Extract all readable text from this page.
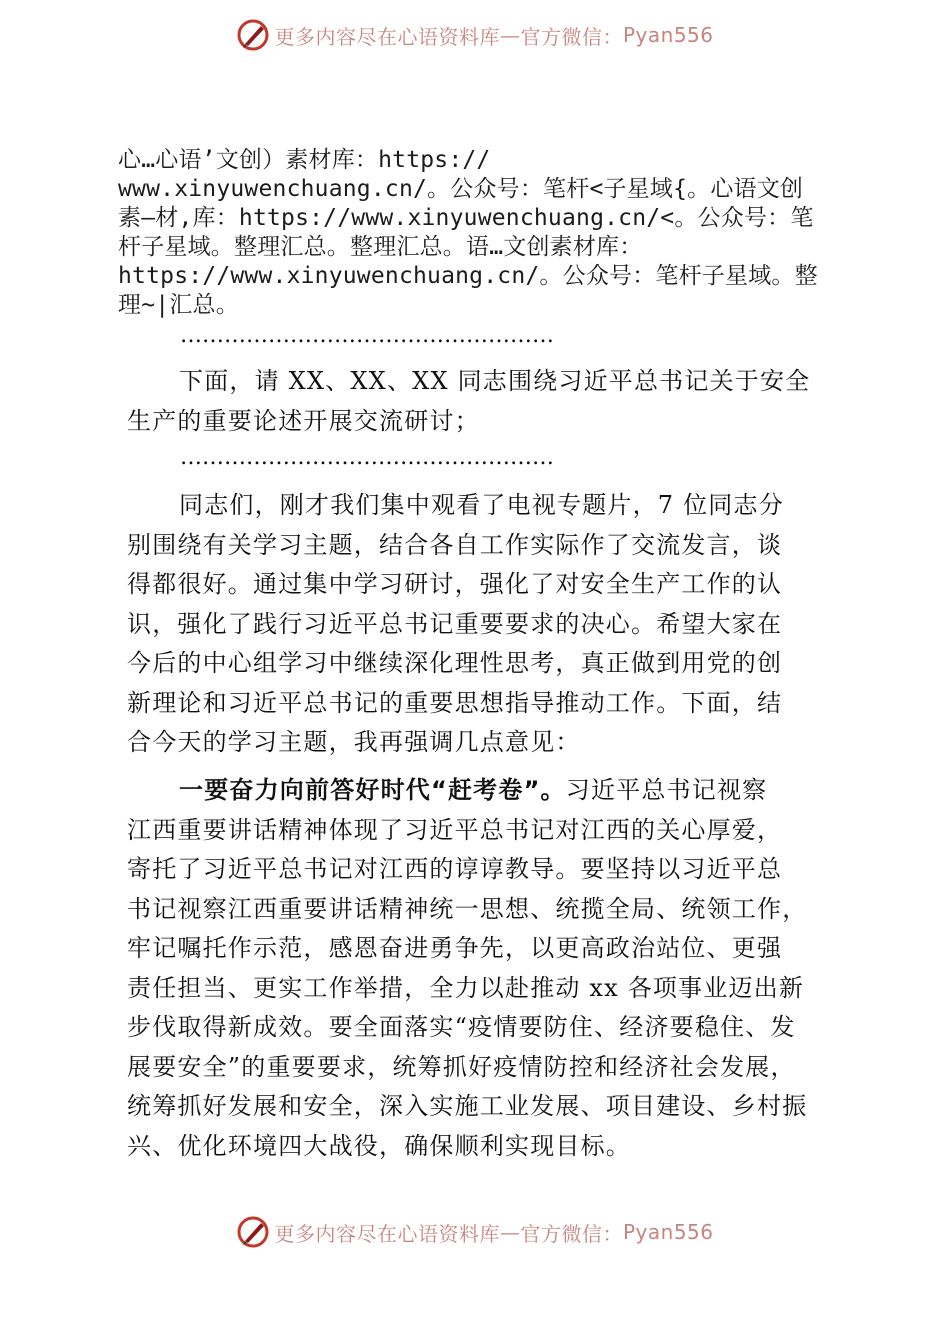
更多内容尽在心语资料库 — 官方微信： Pyan556
心…心语’文创）素材库：https://
www.xinyuwenchuang.cn/。公众号：笔杆<子星域{。心语文创
素—材,库：https://www.xinyuwenchuang.cn/<。公众号：笔
杆子星域。整理汇总。整理汇总。语…文创素材库：
https://www.xinyuwenchuang.cn/。公众号：笔杆子星域。整
理~|汇总。
……………………………………………
下面，请 XX、XX、XX 同志围绕习近平总书记关于安全
生产的重要论述开展交流研讨；
……………………………………………
同志们，刚才我们集中观看了电视专题片，7 位同志分
别围绕有关学习主题，结合各自工作实际作了交流发言，谈
得都很好。通过集中学习研讨，强化了对安全生产工作的认
识，强化了践行习近平总书记重要要求的决心。希望大家在
今后的中心组学习中继续深化理性思考，真正做到用党的创
新理论和习近平总书记的重要思想指导推动工作。下面，结
合今天的学习主题，我再强调几点意见：
一要奋力向前答好时代“赶考卷”。习近平总书记视察
江西重要讲话精神体现了习近平总书记对江西的关心厚爱，
寄托了习近平总书记对江西的谆谆教导。要坚持以习近平总
书记视察江西重要讲话精神统一思想、统揽全局、统领工作，
牢记嘱托作示范，感恩奋进勇争先，以更高政治站位、更强
责任担当、更实工作举措，全力以赴推动 xx 各项事业迈出新
步伐取得新成效。要全面落实“疫情要防住、经济要稳住、发
展要安全”的重要要求，统筹抓好疫情防控和经济社会发展，
统筹抓好发展和安全，深入实施工业发展、项目建设、乡村振
兴、优化环境四大战役，确保顺利实现目标。
更多内容尽在心语资料库 — 官方微信： Pyan556
